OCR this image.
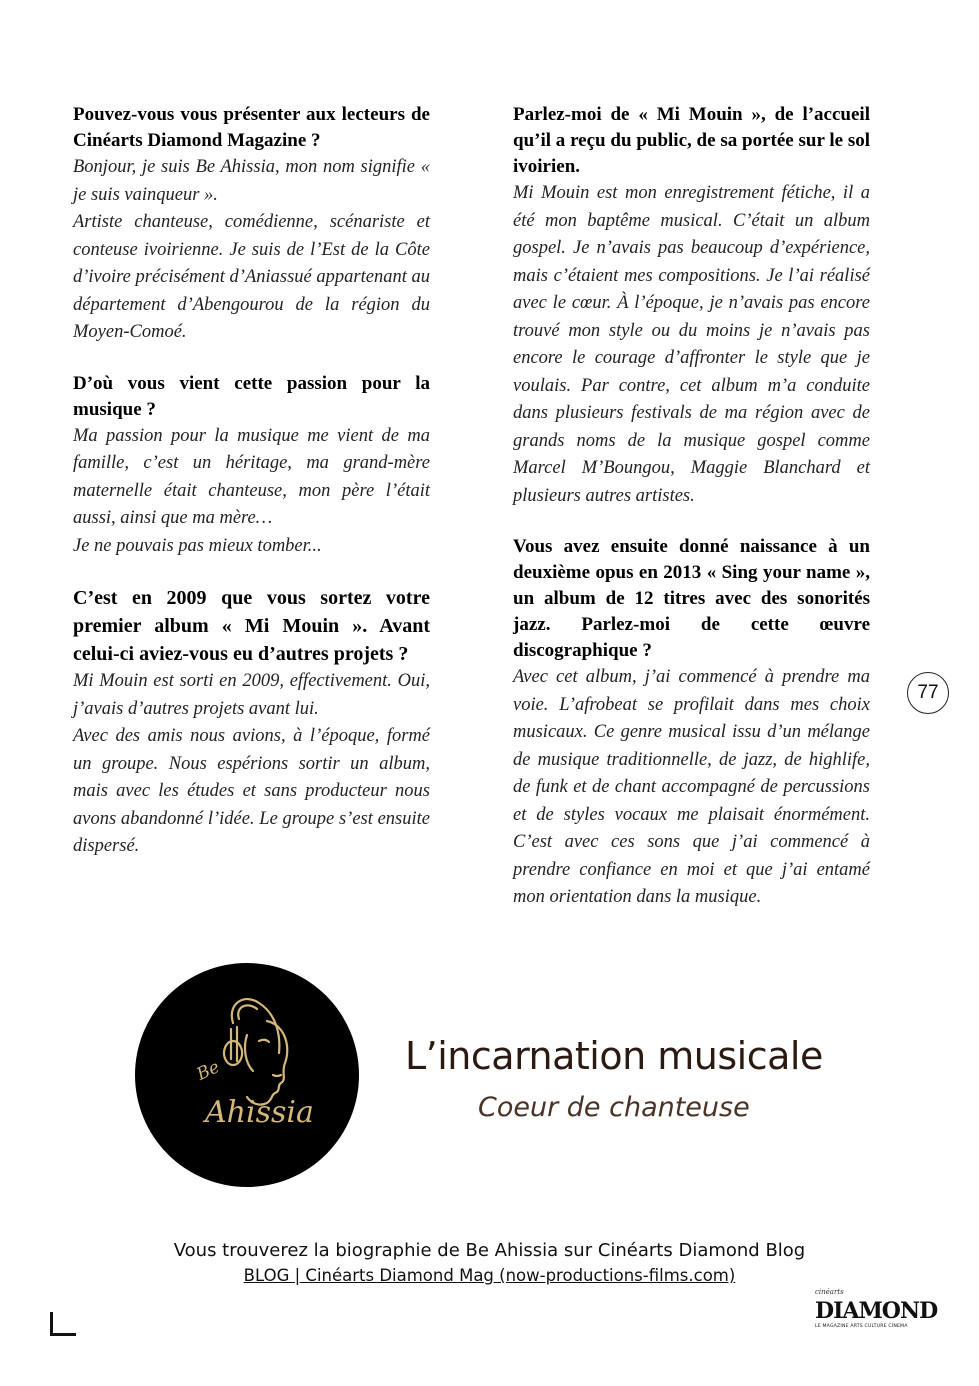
Pouvez-vous vous présenter aux lecteurs de Cinéarts Diamond Magazine ?

Bonjour, je suis Be Ahissia, mon nom signifie « je suis vainqueur ».

Artiste chanteuse, comédienne, scénariste et conteuse ivoirienne. Je suis de l’Est de la Côte d’ivoire précisément d’Aniassué appartenant au département d’Abengourou de la région du Moyen-Comoé.

D’où vous vient cette passion pour la musique ?

Ma passion pour la musique me vient de ma famille, c’est un héritage, ma grand-mère maternelle était chanteuse, mon père l’était aussi, ainsi que ma mère…

Je ne pouvais pas mieux tomber...

C’est en 2009 que vous sortez votre premier album « Mi Mouin ». Avant celui-ci aviez-vous eu d’autres projets ?

Mi Mouin est sorti en 2009, effectivement. Oui, j’avais d’autres projets avant lui.

Avec des amis nous avions, à l’époque, formé un groupe. Nous espérions sortir un album, mais avec les études et sans producteur nous avons abandonné l’idée. Le groupe s’est ensuite dispersé.

Parlez-moi de « Mi Mouin », de l’accueil qu’il a reçu du public, de sa portée sur le sol ivoirien.

Mi Mouin est mon enregistrement fétiche, il a été mon baptême musical. C’était un album gospel. Je n’avais pas beaucoup d’expérience, mais c’étaient mes compositions. Je l’ai réalisé avec le cœur. À l’époque, je n’avais pas encore trouvé mon style ou du moins je n’avais pas encore le courage d’affronter le style que je voulais. Par contre, cet album m’a conduite dans plusieurs festivals de ma région avec de grands noms de la musique gospel comme Marcel M’Boungou, Maggie Blanchard et plusieurs autres artistes.

Vous avez ensuite donné naissance à un deuxième opus en 2013 « Sing your name », un album de 12 titres avec des sonorités jazz. Parlez-moi de cette œuvre discographique ?

Avec cet album, j’ai commencé à prendre ma voie. L’afrobeat se profilait dans mes choix musicaux. Ce genre musical issu d’un mélange de musique traditionnelle, de jazz, de highlife, de funk et de chant accompagné de percussions et de styles vocaux me plaisait énormément. C’est avec ces sons que j’ai commencé à prendre confiance en moi et que j’ai entamé mon orientation dans la musique.

77
Be
Ahissia
L’incarnation musicale
Coeur de chanteuse
Vous trouverez la biographie de Be Ahissia sur Cinéarts Diamond Blog
BLOG | Cinéarts Diamond Mag (now-productions-films.com)
cinéarts
DIAMOND
LE MAGAZINE ARTS CULTURE CINEMA
